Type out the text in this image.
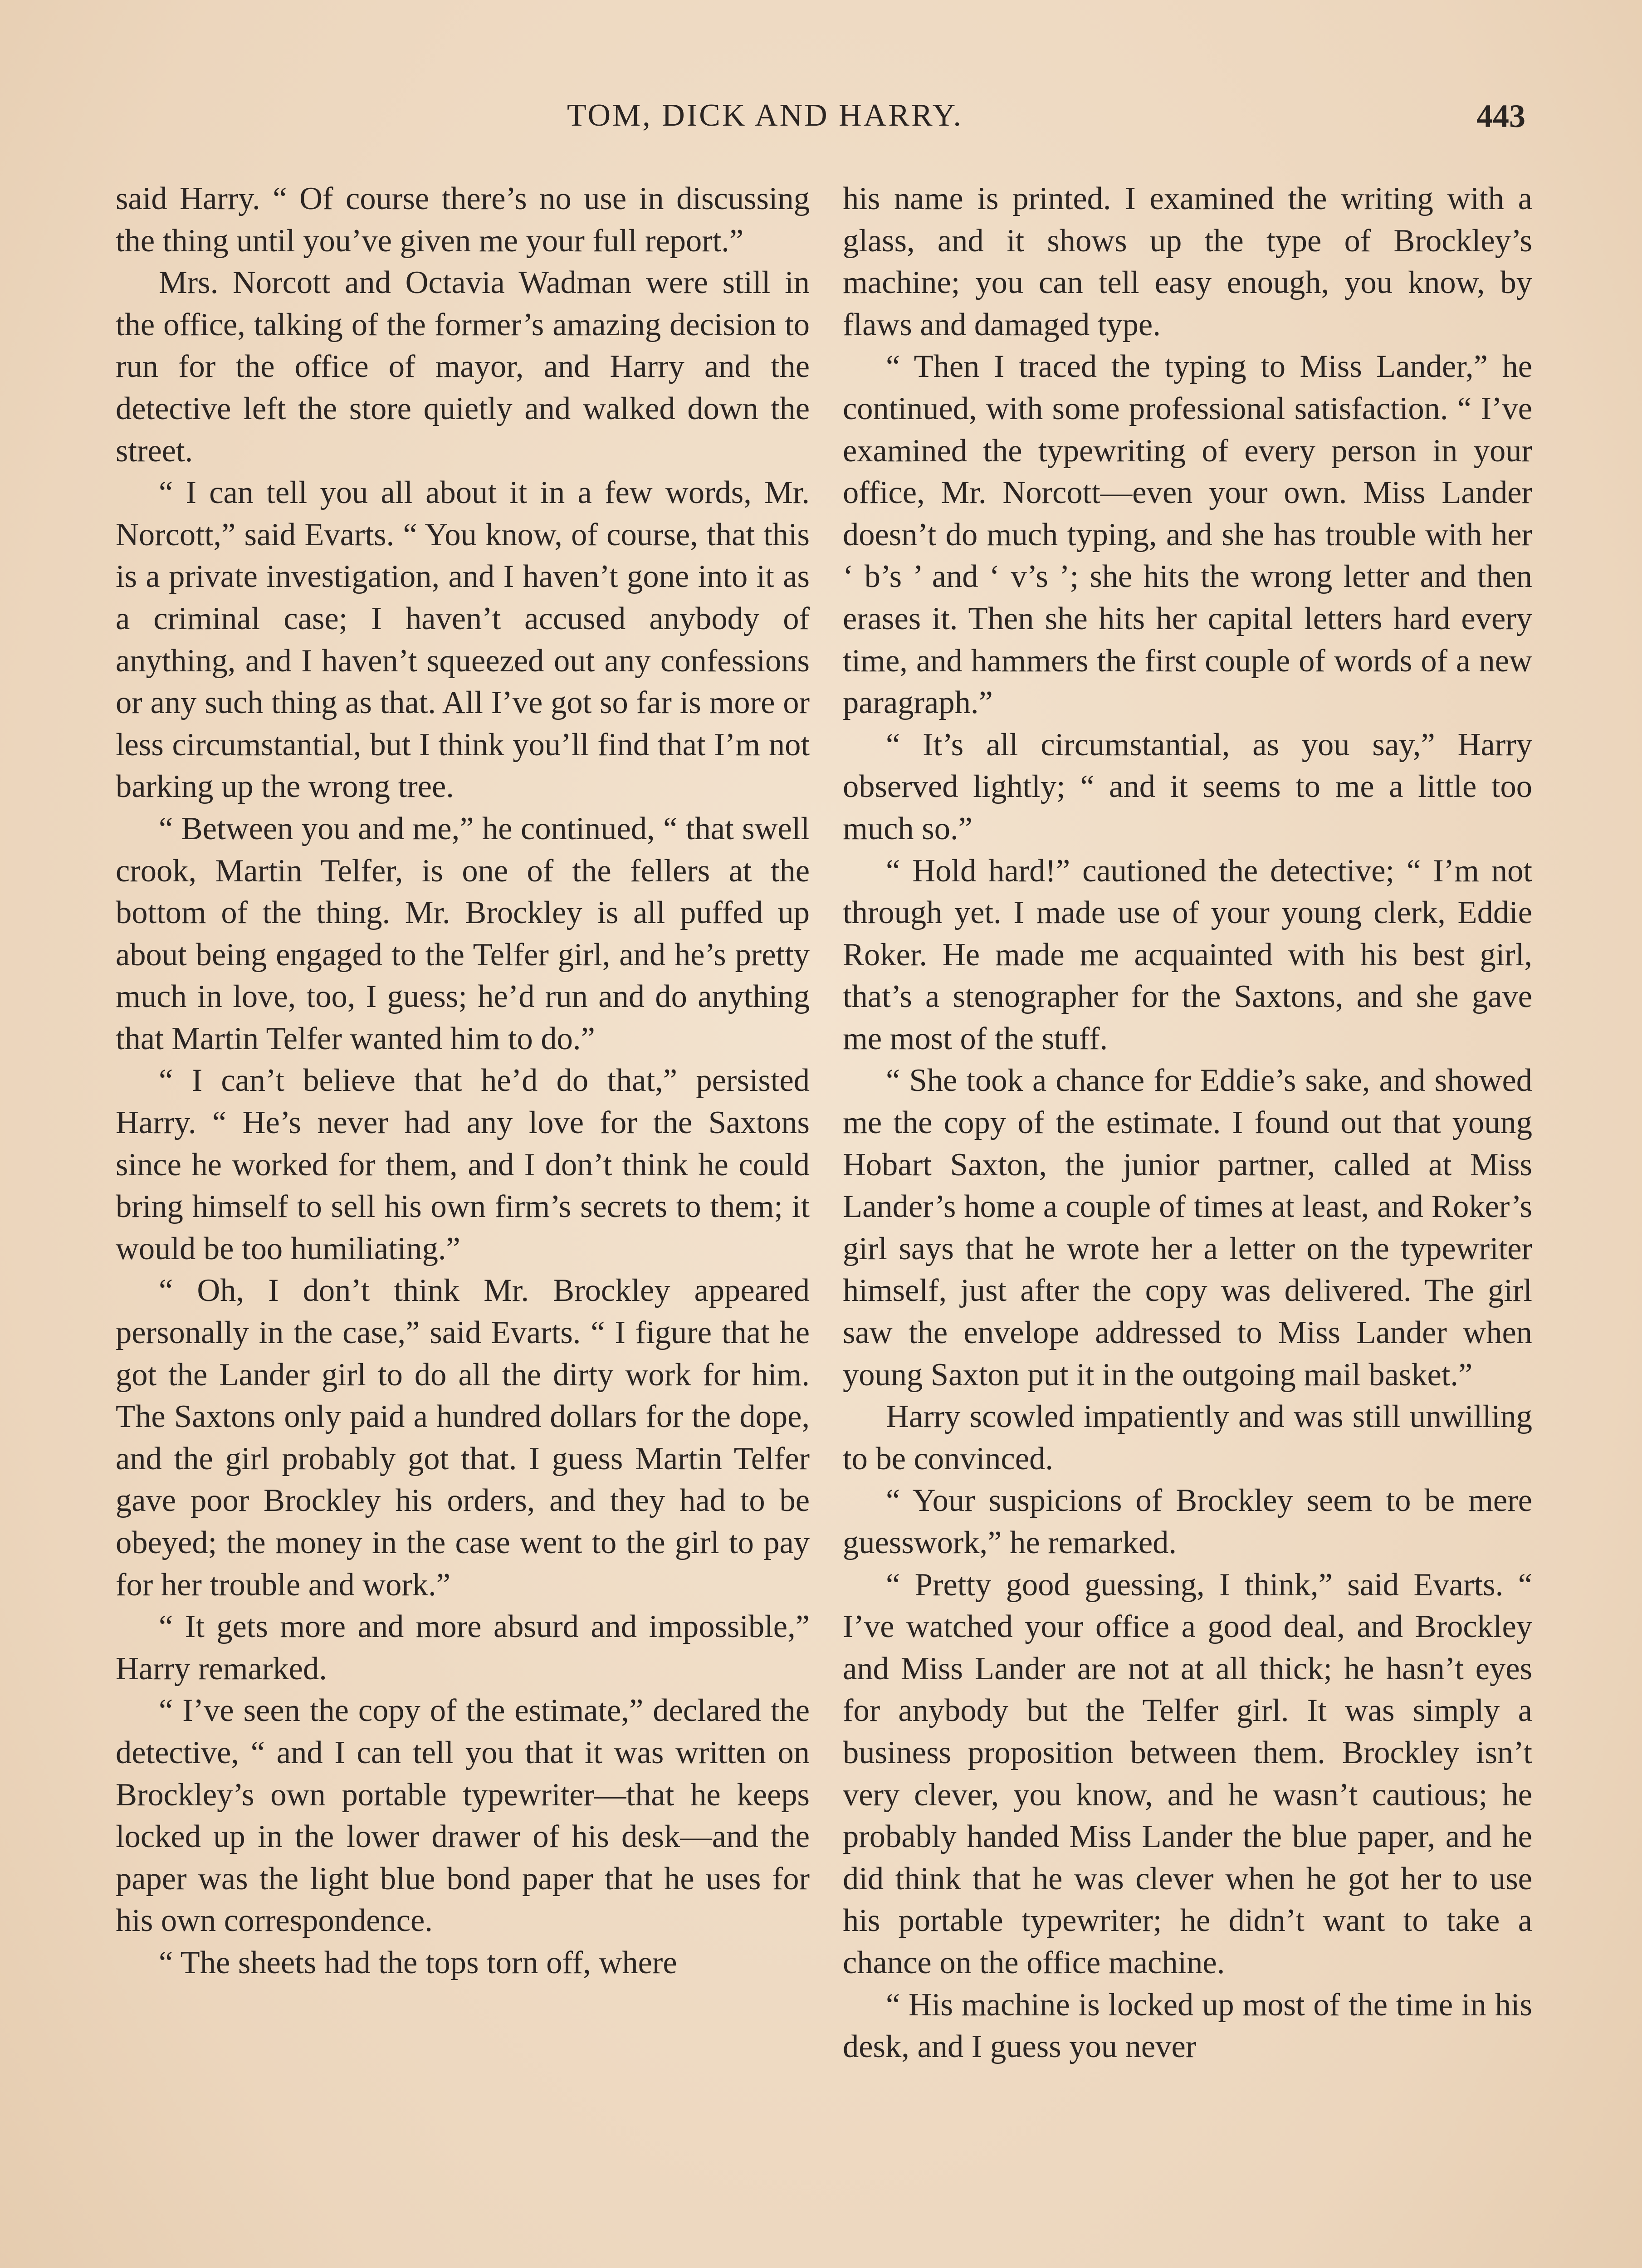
TOM, DICK AND HARRY.	443

said Harry. “ Of course there’s no use in discussing the thing until you’ve given me your full report.”

Mrs. Norcott and Octavia Wadman were still in the office, talking of the former’s amazing decision to run for the office of mayor, and Harry and the detective left the store quietly and walked down the street.

“ I can tell you all about it in a few words, Mr. Norcott,” said Evarts. “ You know, of course, that this is a private investigation, and I haven’t gone into it as a criminal case; I haven’t accused anybody of anything, and I haven’t squeezed out any confessions or any such thing as that. All I’ve got so far is more or less circumstantial, but I think you’ll find that I’m not barking up the wrong tree.

“ Between you and me,” he continued, “ that swell crook, Martin Telfer, is one of the fellers at the bottom of the thing. Mr. Brockley is all puffed up about being engaged to the Telfer girl, and he’s pretty much in love, too, I guess; he’d run and do anything that Martin Telfer wanted him to do.”

“ I can’t believe that he’d do that,” persisted Harry. “ He’s never had any love for the Saxtons since he worked for them, and I don’t think he could bring himself to sell his own firm’s secrets to them; it would be too humiliating.”

“ Oh, I don’t think Mr. Brockley appeared personally in the case,” said Evarts. “ I figure that he got the Lander girl to do all the dirty work for him. The Saxtons only paid a hundred dollars for the dope, and the girl probably got that. I guess Martin Telfer gave poor Brockley his orders, and they had to be obeyed; the money in the case went to the girl to pay for her trouble and work.”

“ It gets more and more absurd and impossible,” Harry remarked.

“ I’ve seen the copy of the estimate,” declared the detective, “ and I can tell you that it was written on Brockley’s own portable typewriter—that he keeps locked up in the lower drawer of his desk—and the paper was the light blue bond paper that he uses for his own correspondence.

“ The sheets had the tops torn off, where

his name is printed. I examined the writing with a glass, and it shows up the type of Brockley’s machine; you can tell easy enough, you know, by flaws and damaged type.

“ Then I traced the typing to Miss Lander,” he continued, with some professional satisfaction. “ I’ve examined the typewriting of every person in your office, Mr. Norcott—even your own. Miss Lander doesn’t do much typing, and she has trouble with her ‘ b’s ’ and ‘ v’s ’; she hits the wrong letter and then erases it. Then she hits her capital letters hard every time, and hammers the first couple of words of a new paragraph.”

“ It’s all circumstantial, as you say,” Harry observed lightly; “ and it seems to me a little too much so.”

“ Hold hard!” cautioned the detective; “ I’m not through yet. I made use of your young clerk, Eddie Roker. He made me acquainted with his best girl, that’s a stenographer for the Saxtons, and she gave me most of the stuff.

“ She took a chance for Eddie’s sake, and showed me the copy of the estimate. I found out that young Hobart Saxton, the junior partner, called at Miss Lander’s home a couple of times at least, and Roker’s girl says that he wrote her a letter on the typewriter himself, just after the copy was delivered. The girl saw the envelope addressed to Miss Lander when young Saxton put it in the outgoing mail basket.”

Harry scowled impatiently and was still unwilling to be convinced.

“ Your suspicions of Brockley seem to be mere guesswork,” he remarked.

“ Pretty good guessing, I think,” said Evarts. “ I’ve watched your office a good deal, and Brockley and Miss Lander are not at all thick; he hasn’t eyes for anybody but the Telfer girl. It was simply a business proposition between them. Brockley isn’t very clever, you know, and he wasn’t cautious; he probably handed Miss Lander the blue paper, and he did think that he was clever when he got her to use his portable typewriter; he didn’t want to take a chance on the office machine.

“ His machine is locked up most of the time in his desk, and I guess you never
